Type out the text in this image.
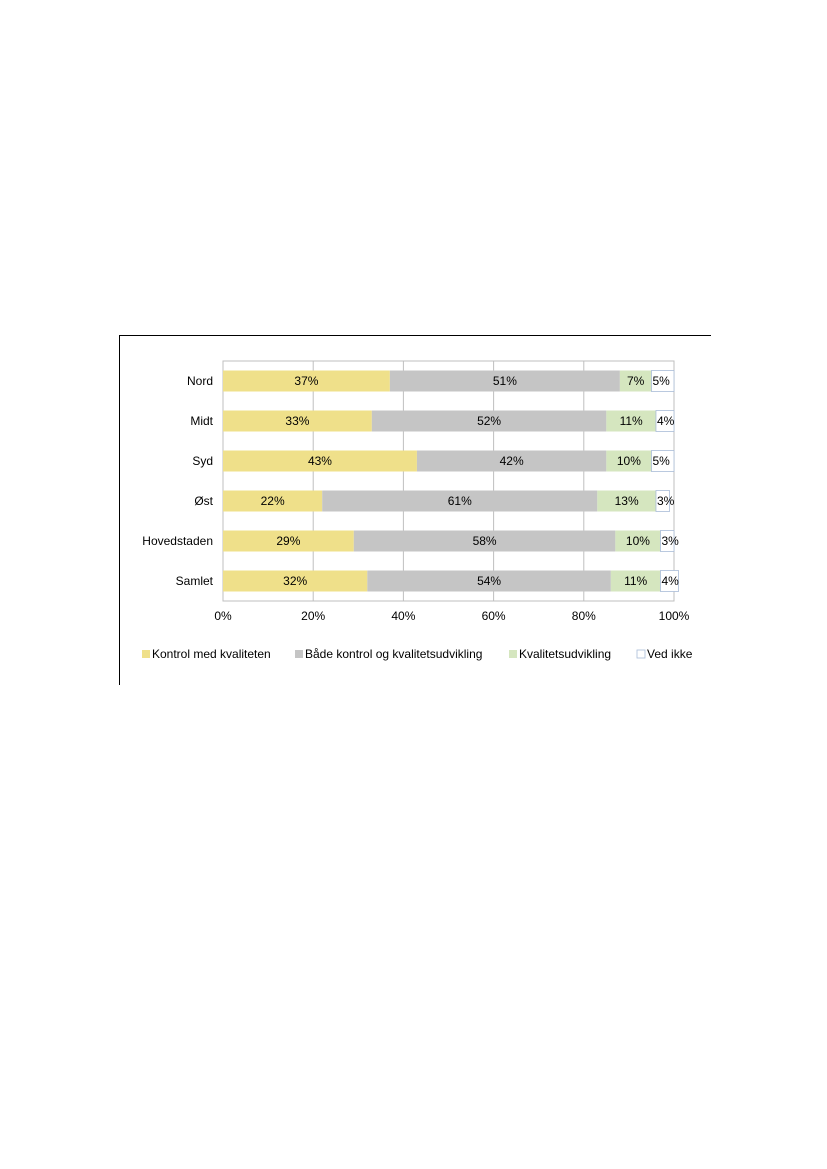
0%	20%	40%	60%	80%	100%
Nord	37%	51%	7% 5%
Midt	33%	52%	11% 4%
Syd	43%	42%	10% 5%
Øst	22%	61%	13% 3%
Hovedstaden	29%	58%	10% 3%
Samlet	32%	54%	11% 4%
Kontrol med kvaliteten	Både kontrol og kvalitetsudvikling	Kvalitetsudvikling	Ved ikke
